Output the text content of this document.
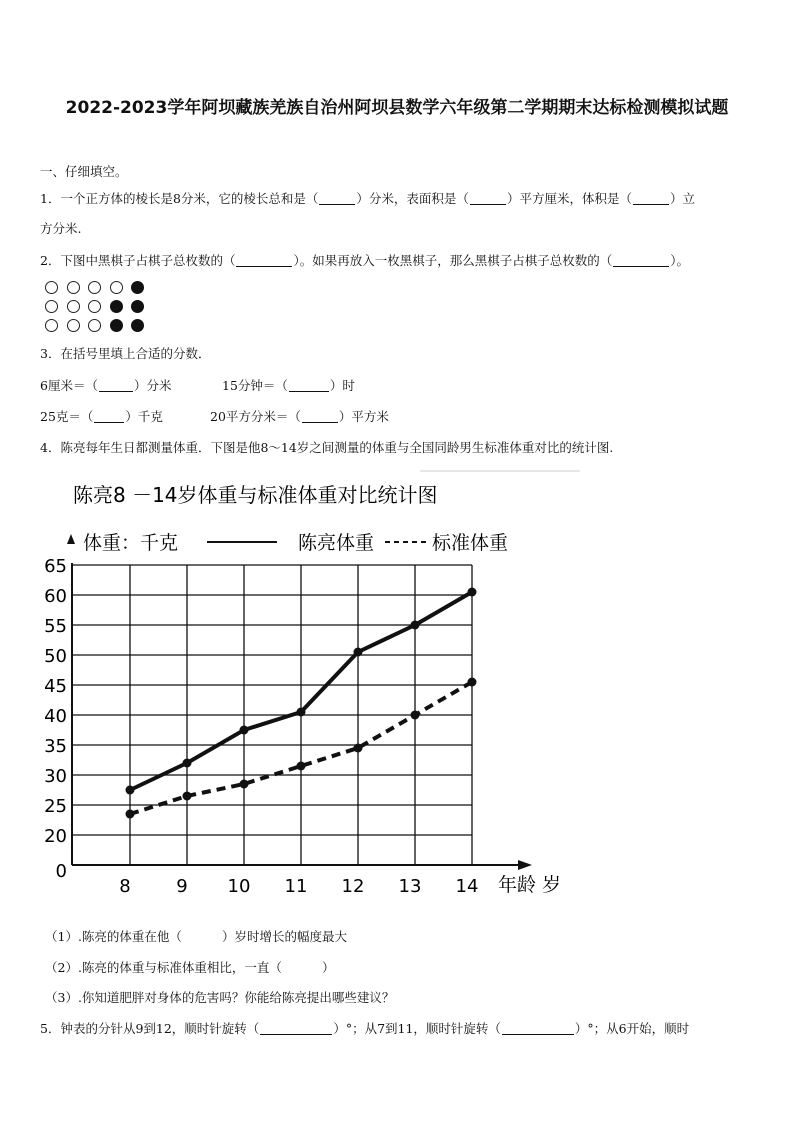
2022-2023学年阿坝藏族羌族自治州阿坝县数学六年级第二学期期末达标检测模拟试题
一、仔细填空。
1．一个正方体的棱长是8分米，它的棱长总和是（	）分米，表面积是（	）平方厘米，体积是（	）立
方分米.
2．下图中黑棋子占棋子总枚数的（	）。如果再放入一枚黑棋子，那么黑棋子占棋子总枚数的（	）。
3．在括号里填上合适的分数．
6厘米＝（	）分米	15分钟＝（	）时
25克＝（	）千克	20平方分米＝（	）平方米
4．陈亮每年生日都测量体重．下图是他8～14岁之间测量的体重与全国同龄男生标准体重对比的统计图.
陈亮8 －14岁体重与标准体重对比统计图
体重：千克	陈亮体重	标准体重
0
20
25
30
35
40
45
50
55
60
65
8	9 10 11 12 13 14 年龄 岁
（1）.陈亮的体重在他（	）岁时增长的幅度最大
（2）.陈亮的体重与标准体重相比，一直（	）
（3）.你知道肥胖对身体的危害吗？你能给陈亮提出哪些建议？
5．钟表的分针从9到12，顺时针旋转（	）°；从7到11，顺时针旋转（	）°；从6开始，顺时
